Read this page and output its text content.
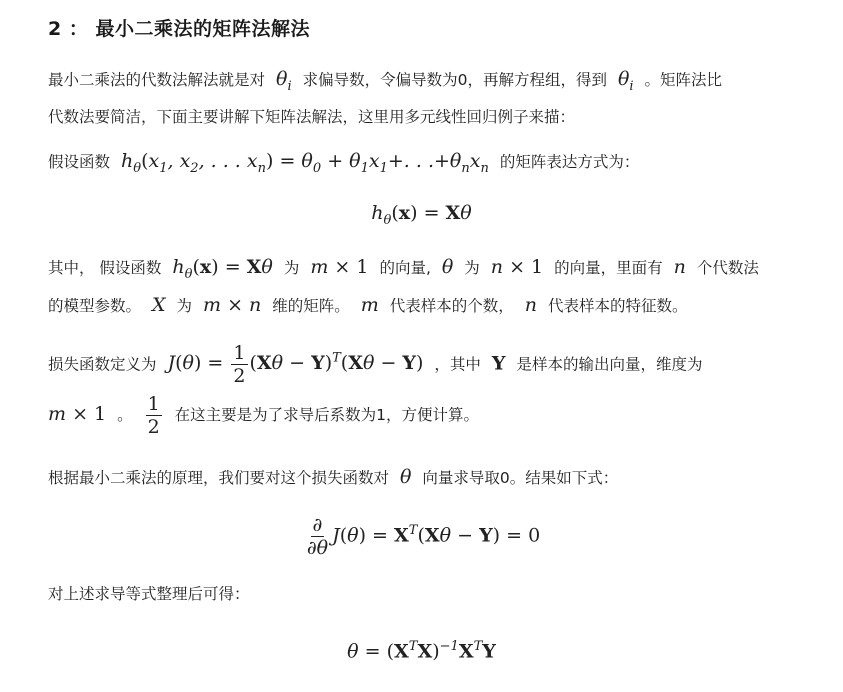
2 ： 最小二乘法的矩阵法解法

最小二乘法的代数法解法就是对  $\theta_i$ 求偏导数，令偏导数为0，再解方程组，得到  $\theta_i$ 。矩阵法比
代数法要简洁，下面主要讲解下矩阵法解法，这里用多元线性回归例子来描：

假设函数  $h_\theta(x_1$, $x_2$, . . . $x_n) = \theta_0 + \theta_1x_1+$. . $.+\theta_nx_n$ 的矩阵表达方式为：

$h_\theta(x) = X\theta$

其中， 假设函数  $h_\theta(x) = X\theta$  为  m × 1 的向量,  θ  为  n × 1 的向量，里面有  n  个代数法
的模型参数。  X  为  m × n  维的矩阵。  m  代表样本的个数，  n  代表样本的特征数。

损失函数定义为  $J(\theta) = \frac{1}{2} (X\theta - Y)^T(X\theta - Y)$ ，其中 Y 是样本的输出向量，维度为
m × 1 。 $\frac{1}{2}$ 在这主要是为了求导后系数为1，方便计算。

根据最小二乘法的原理，我们要对这个损失函数对  θ  向量求导取0。结果如下式：

$\frac{\partial}{\partial\theta} J(\theta) = X^T(X\theta - Y) = 0$

对上述求导等式整理后可得：

$\theta = (X^TX)^{-1}X^TY$
